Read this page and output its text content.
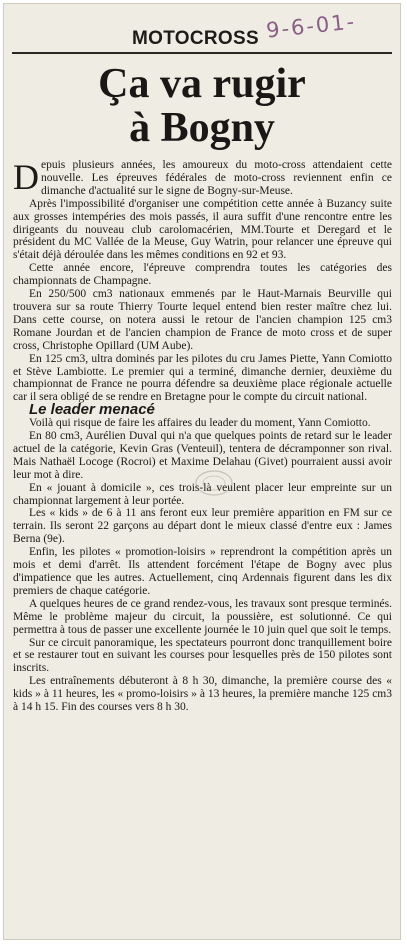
MOTOCROSS 9-6-01-
Ça va rugir
à Bogny

Depuis plusieurs années, les amoureux du moto-cross attendaient cette nouvelle. Les épreuves fédérales de moto-cross reviennent enfin ce dimanche d'actualité sur le signe de Bogny-sur-Meuse.

Après l'impossibilité d'organiser une compétition cette année à Buzancy suite aux grosses intempéries des mois passés, il aura suffit d'une rencontre entre les dirigeants du nouveau club carolomacérien, MM.Tourte et Deregard et le président du MC Vallée de la Meuse, Guy Watrin, pour relancer une épreuve qui s'était déjà déroulée dans les mêmes conditions en 92 et 93.

Cette année encore, l'épreuve comprendra toutes les catégories des championnats de Champagne.

En 250/500 cm3 nationaux emmenés par le Haut-Marnais Beurville qui trouvera sur sa route Thierry Tourte lequel entend bien rester maître chez lui. Dans cette course, on notera aussi le retour de l'ancien champion 125 cm3 Romane Jourdan et de l'ancien champion de France de moto cross et de super cross, Christophe Opillard (UM Aube).

En 125 cm3, ultra dominés par les pilotes du cru James Piette, Yann Comiotto et Stève Lambiotte. Le premier qui a terminé, dimanche dernier, deuxième du championnat de France ne pourra défendre sa deuxième place régionale actuelle car il sera obligé de se rendre en Bretagne pour le compte du circuit national.

Le leader menacé

Voilà qui risque de faire les affaires du leader du moment, Yann Comiotto.

En 80 cm3, Aurélien Duval qui n'a que quelques points de retard sur le leader actuel de la catégorie, Kevin Gras (Venteuil), tentera de décramponner son rival. Mais Nathaël Locoge (Rocroi) et Maxime Delahau (Givet) pourraient aussi avoir leur mot à dire.

En « jouant à domicile », ces trois-là veulent placer leur empreinte sur un championnat largement à leur portée.

Les « kids » de 6 à 11 ans feront eux leur première apparition en FM sur ce terrain. Ils seront 22 garçons au départ dont le mieux classé d'entre eux : James Berna (9e).

Enfin, les pilotes « promotion-loisirs » reprendront la compétition après un mois et demi d'arrêt. Ils attendent forcément l'étape de Bogny avec plus d'impatience que les autres. Actuellement, cinq Ardennais figurent dans les dix premiers de chaque catégorie.

A quelques heures de ce grand rendez-vous, les travaux sont presque terminés. Même le problème majeur du circuit, la poussière, est solutionné. Ce qui permettra à tous de passer une excellente journée le 10 juin quel que soit le temps.

Sur ce circuit panoramique, les spectateurs pourront donc tranquillement boire et se restaurer tout en suivant les courses pour lesquelles près de 150 pilotes sont inscrits.

Les entraînements débuteront à 8 h 30, dimanche, la première course des « kids » à 11 heures, les « promo-loisirs » à 13 heures, la première manche 125 cm3 à 14 h 15. Fin des courses vers 8 h 30.
